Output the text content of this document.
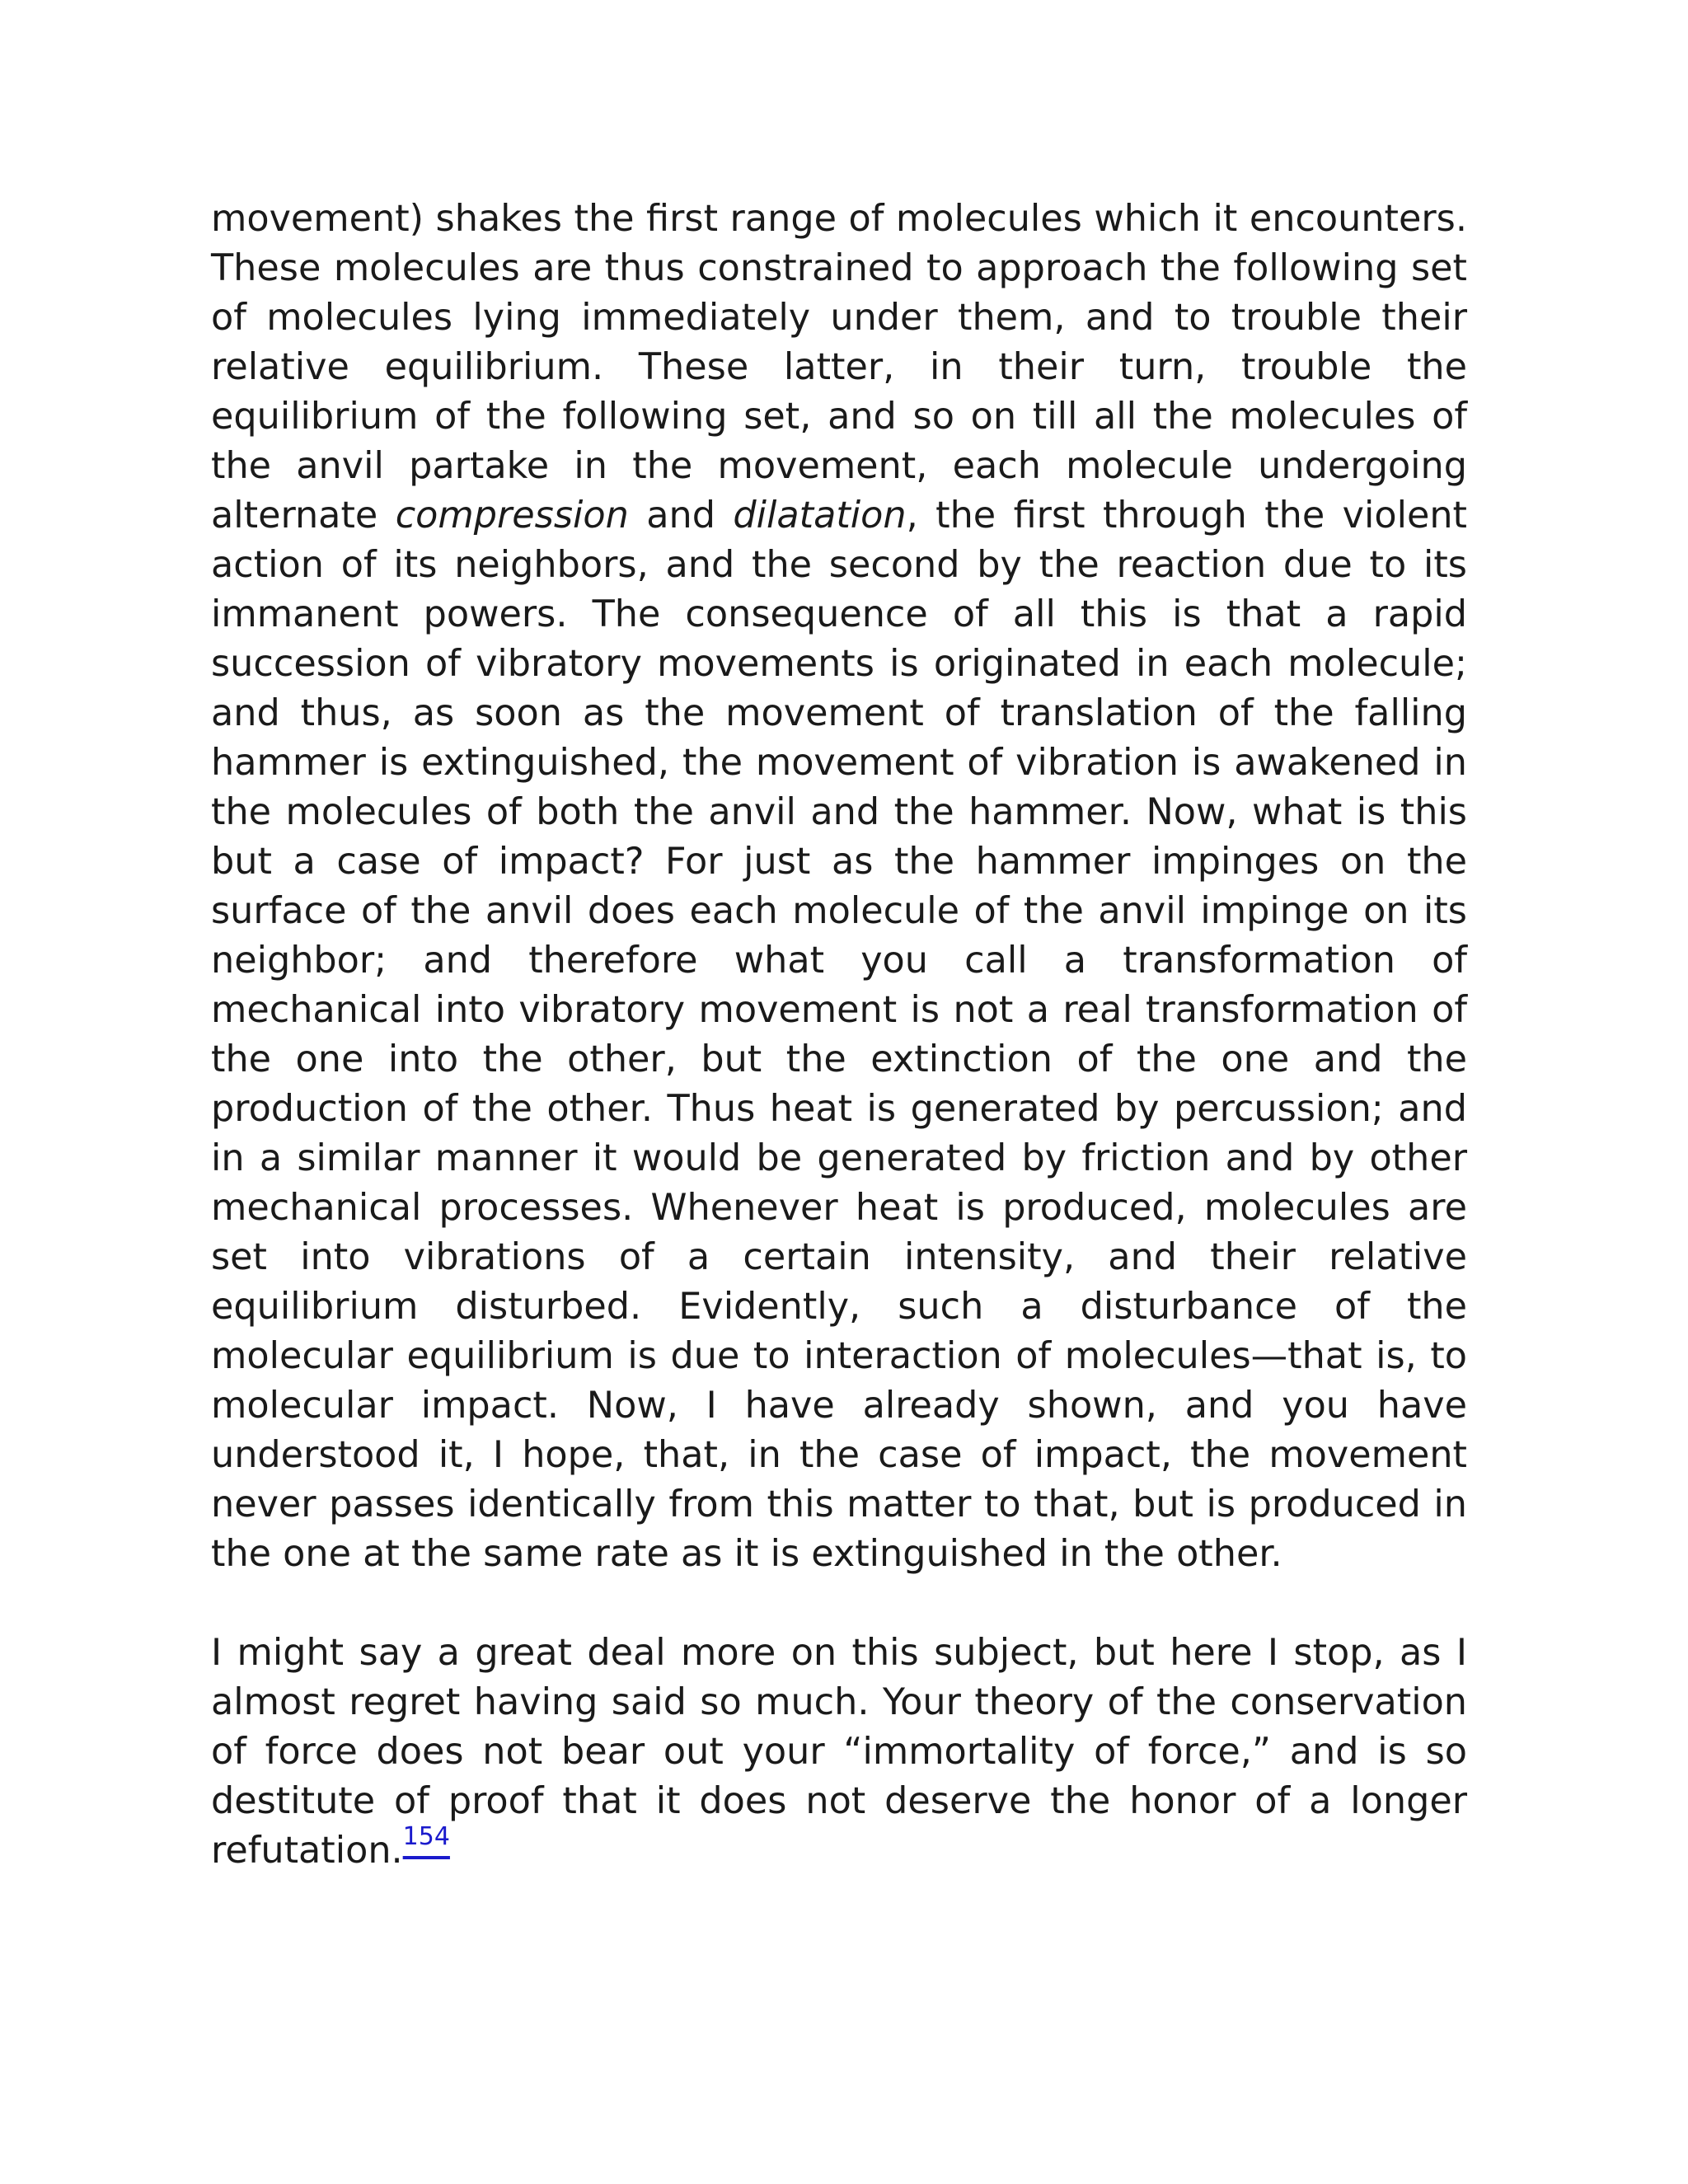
movement) shakes the first range of molecules which it encounters. These molecules are thus constrained to approach the following set of molecules lying immediately under them, and to trouble their relative equilibrium. These latter, in their turn, trouble the equilibrium of the following set, and so on till all the molecules of the anvil partake in the movement, each molecule undergoing alternate compression and dilatation, the first through the violent action of its neighbors, and the second by the reaction due to its immanent powers. The consequence of all this is that a rapid succession of vibratory movements is originated in each molecule; and thus, as soon as the movement of translation of the falling hammer is extinguished, the movement of vibration is awakened in the molecules of both the anvil and the hammer. Now, what is this but a case of impact? For just as the hammer impinges on the surface of the anvil does each molecule of the anvil impinge on its neighbor; and therefore what you call a transformation of mechanical into vibratory movement is not a real transformation of the one into the other, but the extinction of the one and the production of the other. Thus heat is generated by percussion; and in a similar manner it would be generated by friction and by other mechanical processes. Whenever heat is produced, molecules are set into vibrations of a certain intensity, and their relative equilibrium disturbed. Evidently, such a disturbance of the molecular equilibrium is due to interaction of molecules—that is, to molecular impact. Now, I have already shown, and you have understood it, I hope, that, in the case of impact, the movement never passes identically from this matter to that, but is produced in the one at the same rate as it is extinguished in the other.

I might say a great deal more on this subject, but here I stop, as I almost regret having said so much. Your theory of the conservation of force does not bear out your “immortality of force,” and is so destitute of proof that it does not deserve the honor of a longer refutation.$^{154}$
